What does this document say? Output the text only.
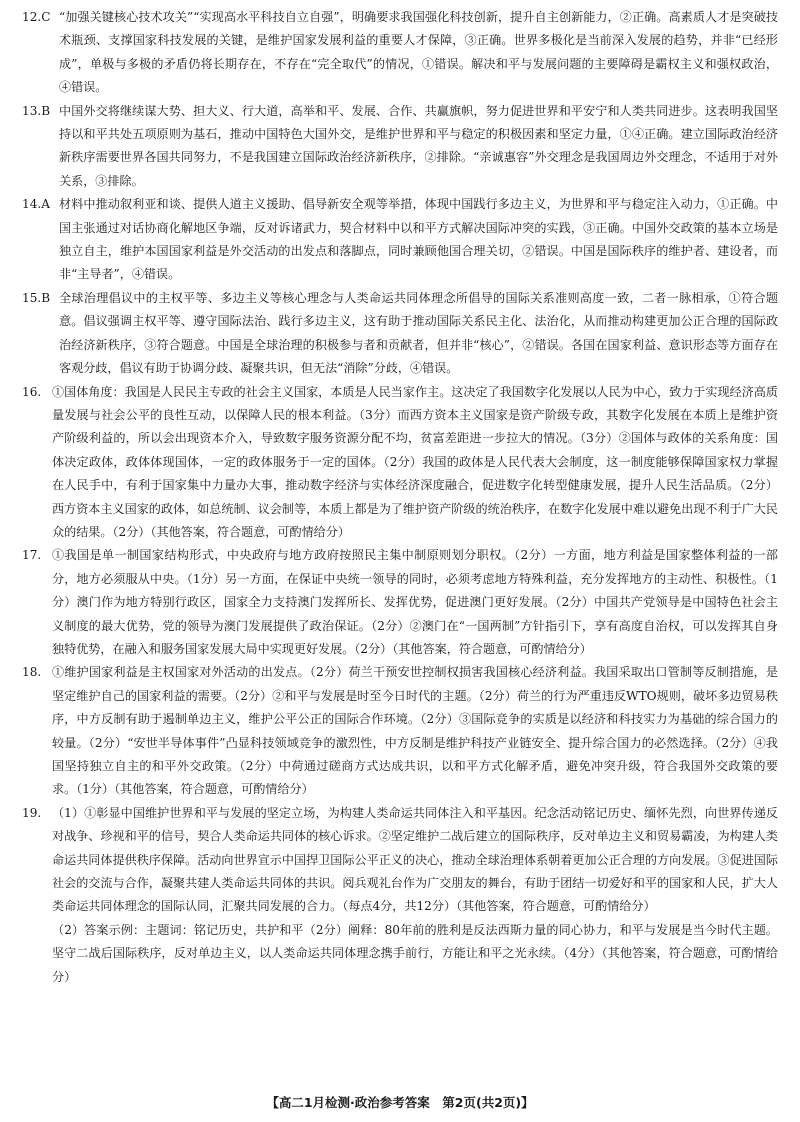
12.C “加强关键核心技术攻关”“实现高水平科技自立自强”，明确要求我国强化科技创新，提升自主创新能力，②正确。高素质人才是突破技术瓶颈、支撑国家科技发展的关键，是维护国家发展利益的重要人才保障，③正确。世界多极化是当前深入发展的趋势，并非“已经形成”，单极与多极的矛盾仍将长期存在，不存在“完全取代”的情况，①错误。解决和平与发展问题的主要障碍是霸权主义和强权政治，④错误。

13.B 中国外交将继续谋大势、担大义、行大道，高举和平、发展、合作、共赢旗帜，努力促进世界和平安宁和人类共同进步。这表明我国坚持以和平共处五项原则为基石，推动中国特色大国外交，是维护世界和平与稳定的积极因素和坚定力量，①④正确。建立国际政治经济新秩序需要世界各国共同努力，不是我国建立国际政治经济新秩序，②排除。“亲诚惠容”外交理念是我国周边外交理念，不适用于对外关系，③排除。

14.A 材料中推动叙利亚和谈、提供人道主义援助、倡导新安全观等举措，体现中国践行多边主义，为世界和平与稳定注入动力，①正确。中国主张通过对话协商化解地区争端，反对诉诸武力，契合材料中以和平方式解决国际冲突的实践，③正确。中国外交政策的基本立场是独立自主，维护本国国家利益是外交活动的出发点和落脚点，同时兼顾他国合理关切，②错误。中国是国际秩序的维护者、建设者，而非“主导者”，④错误。

15.B 全球治理倡议中的主权平等、多边主义等核心理念与人类命运共同体理念所倡导的国际关系准则高度一致，二者一脉相承，①符合题意。倡议强调主权平等、遵守国际法治、践行多边主义，这有助于推动国际关系民主化、法治化，从而推动构建更加公正合理的国际政治经济新秩序，③符合题意。中国是全球治理的积极参与者和贡献者，但并非“核心”，②错误。各国在国家利益、意识形态等方面存在客观分歧，倡议有助于协调分歧、凝聚共识，但无法“消除”分歧，④错误。

16. ①国体角度：我国是人民民主专政的社会主义国家，本质是人民当家作主。这决定了我国数字化发展以人民为中心，致力于实现经济高质量发展与社会公平的良性互动，以保障人民的根本利益。（3分）而西方资本主义国家是资产阶级专政，其数字化发展在本质上是维护资产阶级利益的，所以会出现资本介入，导致数字服务资源分配不均，贫富差距进一步拉大的情况。（3分）②国体与政体的关系角度：国体决定政体，政体体现国体，一定的政体服务于一定的国体。（2分）我国的政体是人民代表大会制度，这一制度能够保障国家权力掌握在人民手中，有利于国家集中力量办大事，推动数字经济与实体经济深度融合，促进数字化转型健康发展，提升人民生活品质。（2分）西方资本主义国家的政体，如总统制、议会制等，本质上都是为了维护资产阶级的统治秩序，在数字化发展中难以避免出现不利于广大民众的结果。（2分）（其他答案，符合题意，可酌情给分）

17. ①我国是单一制国家结构形式，中央政府与地方政府按照民主集中制原则划分职权。（2分）一方面，地方利益是国家整体利益的一部分，地方必须服从中央。（1分）另一方面，在保证中央统一领导的同时，必须考虑地方特殊利益，充分发挥地方的主动性、积极性。（1分）澳门作为地方特别行政区，国家全力支持澳门发挥所长、发挥优势，促进澳门更好发展。（2分）中国共产党领导是中国特色社会主义制度的最大优势，党的领导为澳门发展提供了政治保证。（2分）②澳门在“一国两制”方针指引下，享有高度自治权，可以发挥其自身独特优势，在融入和服务国家发展大局中实现更好发展。（2分）（其他答案，符合题意，可酌情给分）

18. ①维护国家利益是主权国家对外活动的出发点。（2分）荷兰干预安世控制权损害我国核心经济利益。我国采取出口管制等反制措施，是坚定维护自己的国家利益的需要。（2分）②和平与发展是时至今日时代的主题。（2分）荷兰的行为严重违反WTO规则，破坏多边贸易秩序，中方反制有助于遏制单边主义，维护公平公正的国际合作环境。（2分）③国际竞争的实质是以经济和科技实力为基础的综合国力的较量。（2分）“安世半导体事件”凸显科技领域竞争的激烈性，中方反制是维护科技产业链安全、提升综合国力的必然选择。（2分）④我国坚持独立自主的和平外交政策。（2分）中荷通过磋商方式达成共识，以和平方式化解矛盾，避免冲突升级，符合我国外交政策的要求。（1分）（其他答案，符合题意，可酌情给分）

19. （1）①彰显中国维护世界和平与发展的坚定立场，为构建人类命运共同体注入和平基因。纪念活动铭记历史、缅怀先烈，向世界传递反对战争、珍视和平的信号，契合人类命运共同体的核心诉求。②坚定维护二战后建立的国际秩序，反对单边主义和贸易霸凌，为构建人类命运共同体提供秩序保障。活动向世界宣示中国捍卫国际公平正义的决心，推动全球治理体系朝着更加公正合理的方向发展。③促进国际社会的交流与合作，凝聚共建人类命运共同体的共识。阅兵观礼台作为广交朋友的舞台，有助于团结一切爱好和平的国家和人民，扩大人类命运共同体理念的国际认同，汇聚共同发展的合力。（每点4分，共12分）（其他答案，符合题意，可酌情给分）

（2）答案示例：主题词：铭记历史，共护和平（2分）阐释：80年前的胜利是反法西斯力量的同心协力，和平与发展是当今时代主题。坚守二战后国际秩序，反对单边主义，以人类命运共同体理念携手前行，方能让和平之光永续。（4分）（其他答案，符合题意，可酌情给分）

【高二1月检测·政治参考答案　第2页(共2页)】
